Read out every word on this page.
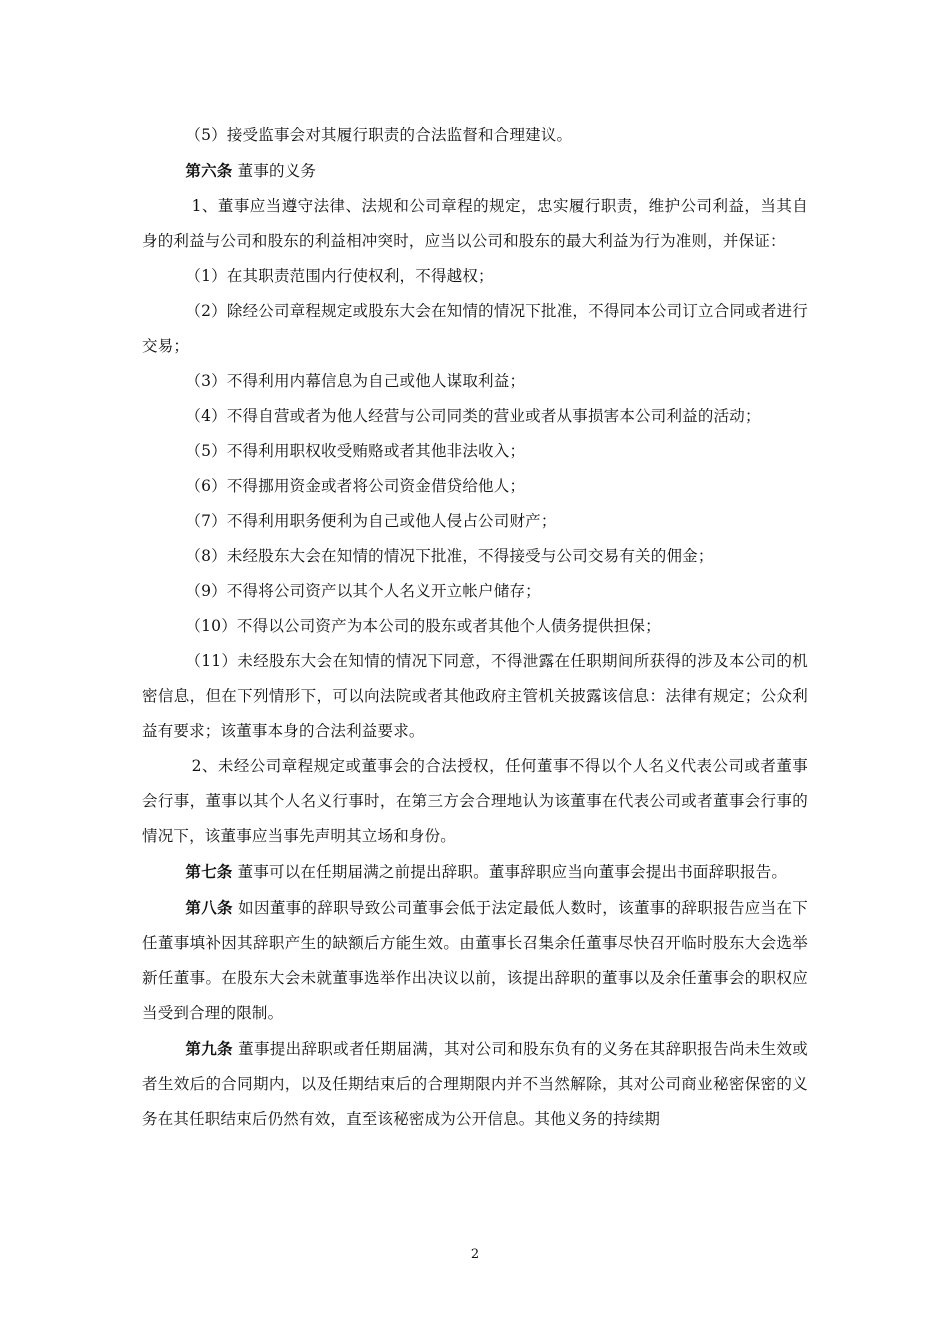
（5）接受监事会对其履行职责的合法监督和合理建议。

第六条 董事的义务

1、董事应当遵守法律、法规和公司章程的规定，忠实履行职责，维护公司利益，当其自身的利益与公司和股东的利益相冲突时，应当以公司和股东的最大利益为行为准则，并保证：

（1）在其职责范围内行使权利，不得越权；

（2）除经公司章程规定或股东大会在知情的情况下批准，不得同本公司订立合同或者进行交易；

（3）不得利用内幕信息为自己或他人谋取利益；

（4）不得自营或者为他人经营与公司同类的营业或者从事损害本公司利益的活动；

（5）不得利用职权收受贿赂或者其他非法收入；

（6）不得挪用资金或者将公司资金借贷给他人；

（7）不得利用职务便利为自己或他人侵占公司财产；

（8）未经股东大会在知情的情况下批准，不得接受与公司交易有关的佣金；

（9）不得将公司资产以其个人名义开立帐户储存；

（10）不得以公司资产为本公司的股东或者其他个人债务提供担保；

（11）未经股东大会在知情的情况下同意，不得泄露在任职期间所获得的涉及本公司的机密信息，但在下列情形下，可以向法院或者其他政府主管机关披露该信息：法律有规定；公众利益有要求；该董事本身的合法利益要求。

2、未经公司章程规定或董事会的合法授权，任何董事不得以个人名义代表公司或者董事会行事，董事以其个人名义行事时，在第三方会合理地认为该董事在代表公司或者董事会行事的情况下，该董事应当事先声明其立场和身份。

第七条 董事可以在任期届满之前提出辞职。董事辞职应当向董事会提出书面辞职报告。

第八条 如因董事的辞职导致公司董事会低于法定最低人数时，该董事的辞职报告应当在下任董事填补因其辞职产生的缺额后方能生效。由董事长召集余任董事尽快召开临时股东大会选举新任董事。在股东大会未就董事选举作出决议以前，该提出辞职的董事以及余任董事会的职权应当受到合理的限制。

第九条 董事提出辞职或者任期届满，其对公司和股东负有的义务在其辞职报告尚未生效或者生效后的合同期内，以及任期结束后的合理期限内并不当然解除，其对公司商业秘密保密的义务在其任职结束后仍然有效，直至该秘密成为公开信息。其他义务的持续期

2
